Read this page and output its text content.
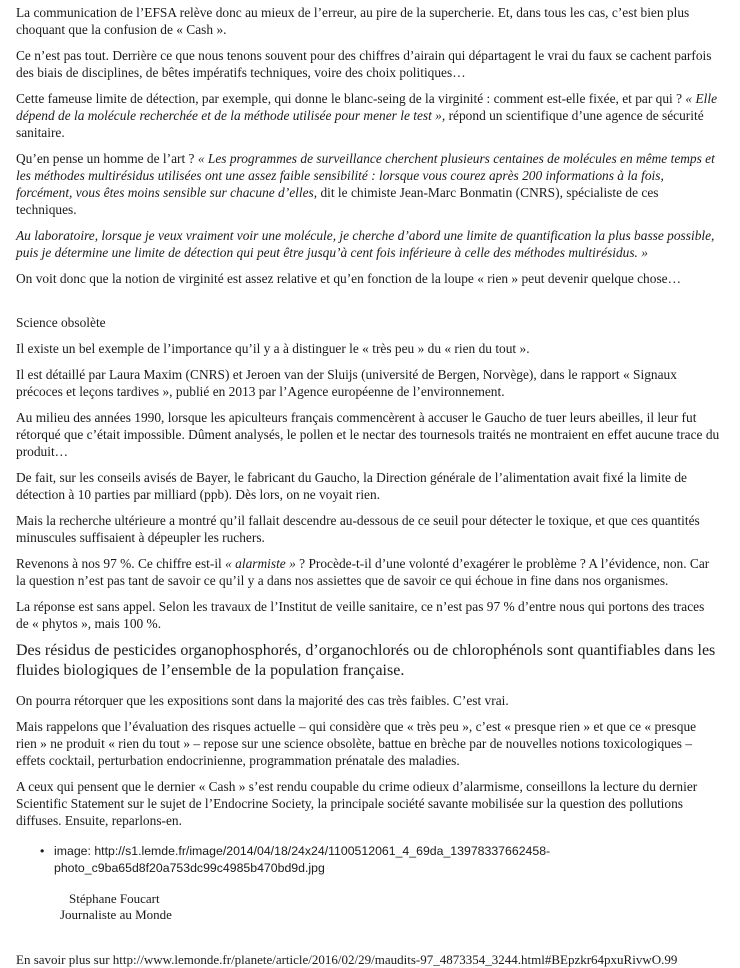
La communication de l’EFSA relève donc au mieux de l’erreur, au pire de la supercherie. Et, dans tous les cas, c’est bien plus choquant que la confusion de « Cash ».

Ce n’est pas tout. Derrière ce que nous tenons souvent pour des chiffres d’airain qui départagent le vrai du faux se cachent parfois des biais de disciplines, de bêtes impératifs techniques, voire des choix politiques…

Cette fameuse limite de détection, par exemple, qui donne le blanc-seing de la virginité : comment est-elle fixée, et par qui ? « Elle dépend de la molécule recherchée et de la méthode utilisée pour mener le test », répond un scientifique d’une agence de sécurité sanitaire.

Qu’en pense un homme de l’art ? « Les programmes de surveillance cherchent plusieurs centaines de molécules en même temps et les méthodes multirésidus utilisées ont une assez faible sensibilité : lorsque vous courez après 200 informations à la fois, forcément, vous êtes moins sensible sur chacune d’elles, dit le chimiste Jean-Marc Bonmatin (CNRS), spécialiste de ces techniques.

Au laboratoire, lorsque je veux vraiment voir une molécule, je cherche d’abord une limite de quantification la plus basse possible, puis je détermine une limite de détection qui peut être jusqu’à cent fois inférieure à celle des méthodes multirésidus. »

On voit donc que la notion de virginité est assez relative et qu’en fonction de la loupe « rien » peut devenir quelque chose…

Science obsolète

Il existe un bel exemple de l’importance qu’il y a à distinguer le « très peu » du « rien du tout ».

Il est détaillé par Laura Maxim (CNRS) et Jeroen van der Sluijs (université de Bergen, Norvège), dans le rapport « Signaux précoces et leçons tardives », publié en 2013 par l’Agence européenne de l’environnement.

Au milieu des années 1990, lorsque les apiculteurs français commencèrent à accuser le Gaucho de tuer leurs abeilles, il leur fut rétorqué que c’était impossible. Dûment analysés, le pollen et le nectar des tournesols traités ne montraient en effet aucune trace du produit…

De fait, sur les conseils avisés de Bayer, le fabricant du Gaucho, la Direction générale de l’alimentation avait fixé la limite de détection à 10 parties par milliard (ppb). Dès lors, on ne voyait rien.

Mais la recherche ultérieure a montré qu’il fallait descendre au-dessous de ce seuil pour détecter le toxique, et que ces quantités minuscules suffisaient à dépeupler les ruchers.

Revenons à nos 97 %. Ce chiffre est-il « alarmiste » ? Procède-t-il d’une volonté d’exagérer le problème ? A l’évidence, non. Car la question n’est pas tant de savoir ce qu’il y a dans nos assiettes que de savoir ce qui échoue in fine dans nos organismes.

La réponse est sans appel. Selon les travaux de l’Institut de veille sanitaire, ce n’est pas 97 % d’entre nous qui portons des traces de « phytos », mais 100 %.

Des résidus de pesticides organophosphorés, d’organochlorés ou de chlorophénols sont quantifiables dans les fluides biologiques de l’ensemble de la population française.

On pourra rétorquer que les expositions sont dans la majorité des cas très faibles. C’est vrai.

Mais rappelons que l’évaluation des risques actuelle – qui considère que « très peu », c’est « presque rien » et que ce « presque rien » ne produit « rien du tout » – repose sur une science obsolète, battue en brèche par de nouvelles notions toxicologiques – effets cocktail, perturbation endocrinienne, programmation prénatale des maladies.

A ceux qui pensent que le dernier « Cash » s’est rendu coupable du crime odieux d’alarmisme, conseillons la lecture du dernier Scientific Statement sur le sujet de l’Endocrine Society, la principale société savante mobilisée sur la question des pollutions diffuses. Ensuite, reparlons-en.

• image: http://s1.lemde.fr/image/2014/04/18/24x24/1100512061_4_69da_13978337662458-
photo_c9ba65d8f20a753dc99c4985b470bd9d.jpg
Stéphane Foucart
Journaliste au Monde
En savoir plus sur http://www.lemonde.fr/planete/article/2016/02/29/maudits-97_4873354_3244.html#BEpzkr64pxuRivwO.99
